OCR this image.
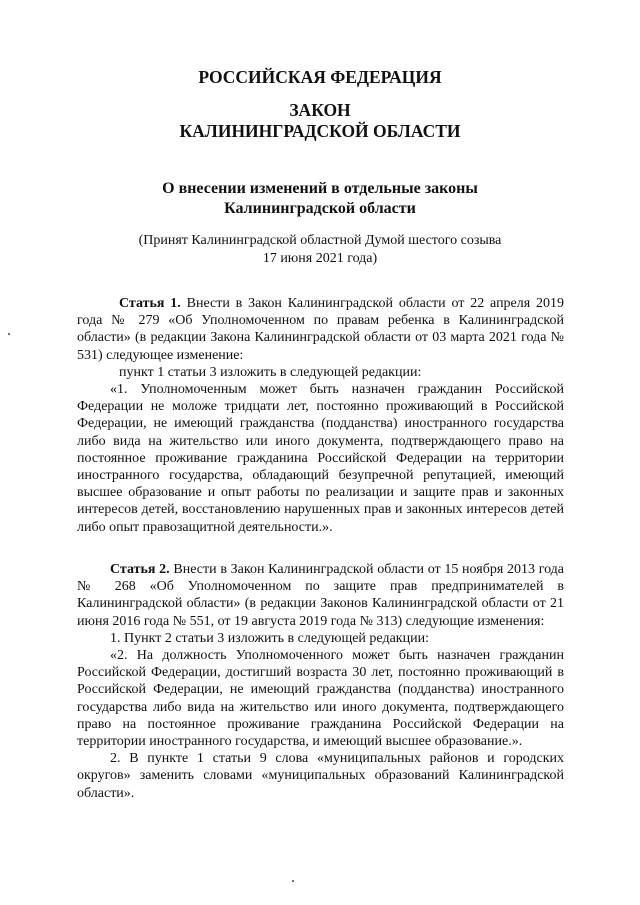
РОССИЙСКАЯ ФЕДЕРАЦИЯ
ЗАКОН
КАЛИНИНГРАДСКОЙ ОБЛАСТИ
О внесении изменений в отдельные законы
Калининградской области
(Принят Калининградской областной Думой шестого созыва
17 июня 2021 года)

Статья 1. Внести в Закон Калининградской области от 22 апреля 2019 года № 279 «Об Уполномоченном по правам ребенка в Калининградской области» (в редакции Закона Калининградской области от 03 марта 2021 года № 531) следующее изменение:

пункт 1 статьи 3 изложить в следующей редакции:

«1. Уполномоченным может быть назначен гражданин Российской Федерации не моложе тридцати лет, постоянно проживающий в Российской Федерации, не имеющий гражданства (подданства) иностранного государства либо вида на жительство или иного документа, подтверждающего право на постоянное проживание гражданина Российской Федерации на территории иностранного государства, обладающий безупречной репутацией, имеющий высшее образование и опыт работы по реализации и защите прав и законных интересов детей, восстановлению нарушенных прав и законных интересов детей либо опыт правозащитной деятельности.».

Статья 2. Внести в Закон Калининградской области от 15 ноября 2013 года № 268 «Об Уполномоченном по защите прав предпринимателей в Калининградской области» (в редакции Законов Калининградской области от 21 июня 2016 года № 551, от 19 августа 2019 года № 313) следующие изменения:

1. Пункт 2 статьи 3 изложить в следующей редакции:

«2. На должность Уполномоченного может быть назначен гражданин Российской Федерации, достигший возраста 30 лет, постоянно проживающий в Российской Федерации, не имеющий гражданства (подданства) иностранного государства либо вида на жительство или иного документа, подтверждающего право на постоянное проживание гражданина Российской Федерации на территории иностранного государства, и имеющий высшее образование.».

2. В пункте 1 статьи 9 слова «муниципальных районов и городских округов» заменить словами «муниципальных образований Калининградской области».
